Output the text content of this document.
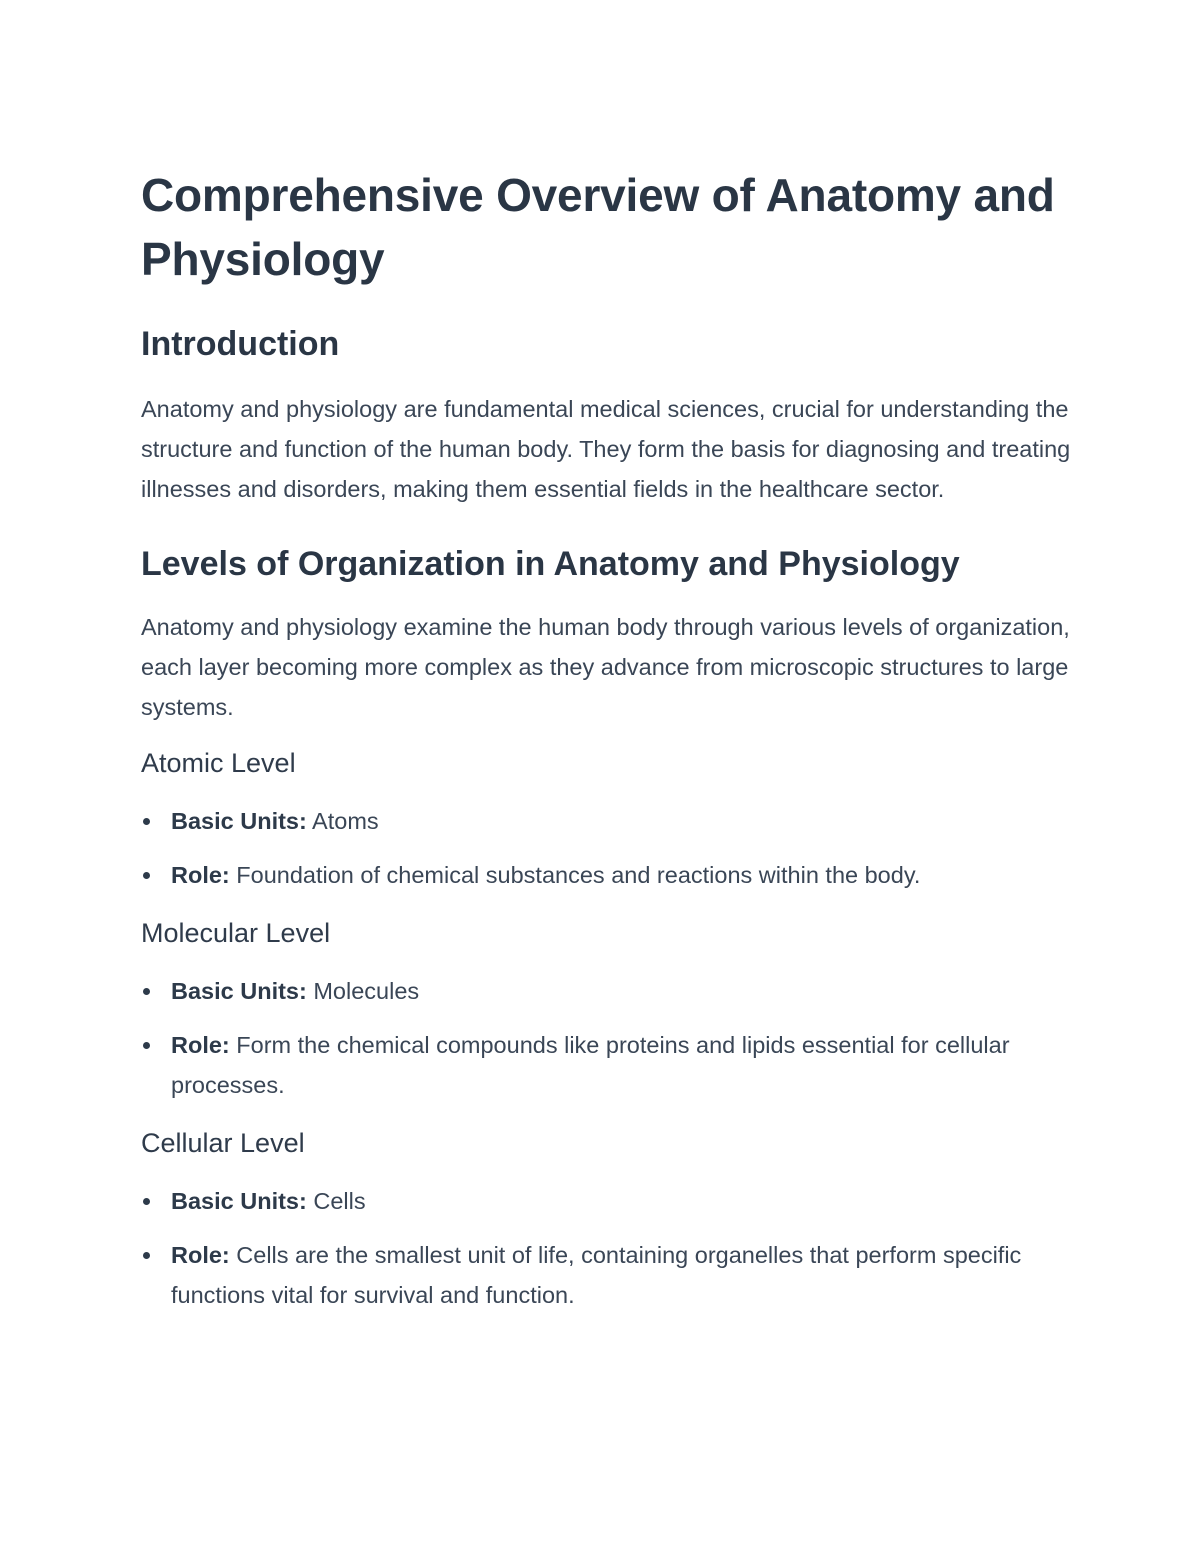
Comprehensive Overview of Anatomy and Physiology
Introduction

Anatomy and physiology are fundamental medical sciences, crucial for understanding the structure and function of the human body. They form the basis for diagnosing and treating illnesses and disorders, making them essential fields in the healthcare sector.

Levels of Organization in Anatomy and Physiology

Anatomy and physiology examine the human body through various levels of organization, each layer becoming more complex as they advance from microscopic structures to large systems.

Atomic Level
Basic Units: Atoms
Role: Foundation of chemical substances and reactions within the body.
Molecular Level
Basic Units: Molecules
Role: Form the chemical compounds like proteins and lipids essential for cellular processes.
Cellular Level
Basic Units: Cells
Role: Cells are the smallest unit of life, containing organelles that perform specific functions vital for survival and function.
